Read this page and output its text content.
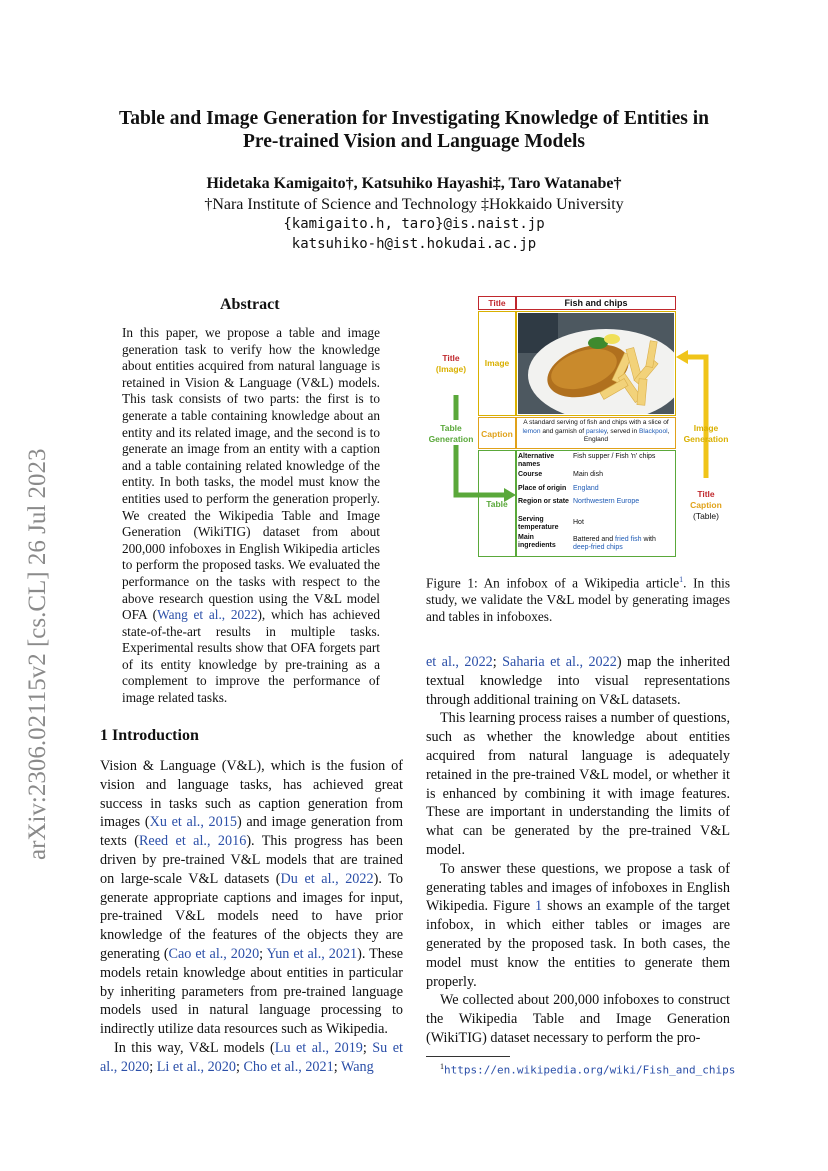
arXiv:2306.02115v2 [cs.CL] 26 Jul 2023
Table and Image Generation for Investigating Knowledge of Entities in
Pre-trained Vision and Language Models
Hidetaka Kamigaito†, Katsuhiko Hayashi‡, Taro Watanabe†
†Nara Institute of Science and Technology ‡Hokkaido University
{kamigaito.h, taro}@is.naist.jp
katsuhiko-h@ist.hokudai.ac.jp
Abstract

In this paper, we propose a table and image generation task to verify how the knowledge about entities acquired from natural language is retained in Vision & Language (V&L) models. This task consists of two parts: the first is to generate a table containing knowledge about an entity and its related image, and the second is to generate an image from an entity with a caption and a table containing related knowledge of the entity. In both tasks, the model must know the entities used to perform the generation properly. We created the Wikipedia Table and Image Generation (WikiTIG) dataset from about 200,000 infoboxes in English Wikipedia articles to perform the proposed tasks. We evaluated the performance on the tasks with respect to the above research question using the V&L model OFA (Wang et al., 2022), which has achieved state-of-the-art results in multiple tasks. Experimental results show that OFA forgets part of its entity knowledge by pre-training as a complement to improve the performance of image related tasks.

1 Introduction

Vision & Language (V&L), which is the fusion of vision and language tasks, has achieved great success in tasks such as caption generation from images (Xu et al., 2015) and image generation from texts (Reed et al., 2016). This progress has been driven by pre-trained V&L models that are trained on large-scale V&L datasets (Du et al., 2022). To generate appropriate captions and images for input, pre-trained V&L models need to have prior knowledge of the features of the objects they are generating (Cao et al., 2020; Yun et al., 2021). These models retain knowledge about entities in particular by inheriting parameters from pre-trained language models used in natural language processing to indirectly utilize data resources such as Wikipedia.

In this way, V&L models (Lu et al., 2019; Su et al., 2020; Li et al., 2020; Cho et al., 2021; Wang

Title	Fish and chips
Image
Caption
A standard serving of fish and chips with a slice of
lemon and garnish of parsley, served in Blackpool,
England
Table
Alternative names
Fish supper / Fish 'n' chips
Course	Main dish
Place of origin England
Region or state Northwestern Europe
Serving temperature
Hot
Main ingredients
Battered and fried fish with
deep-fried chips
Title
(Image)
Table
Generation
Image
Generation
Title
Caption
(Table)
Figure 1: An infobox of a Wikipedia article$^1$. In this study, we validate the V&L model by generating images and tables in infoboxes.

et al., 2022; Saharia et al., 2022) map the inherited textual knowledge into visual representations through additional training on V&L datasets.

This learning process raises a number of questions, such as whether the knowledge about entities acquired from natural language is adequately retained in the pre-trained V&L model, or whether it is enhanced by combining it with image features. These are important in understanding the limits of what can be generated by the pre-trained V&L model.

To answer these questions, we propose a task of generating tables and images of infoboxes in English Wikipedia. Figure 1 shows an example of the target infobox, in which either tables or images are generated by the proposed task. In both cases, the model must know the entities to generate them properly.

We collected about 200,000 infoboxes to construct the Wikipedia Table and Image Generation (WikiTIG) dataset necessary to perform the pro-

$^1$https://en.wikipedia.org/wiki/Fish_and_chips
